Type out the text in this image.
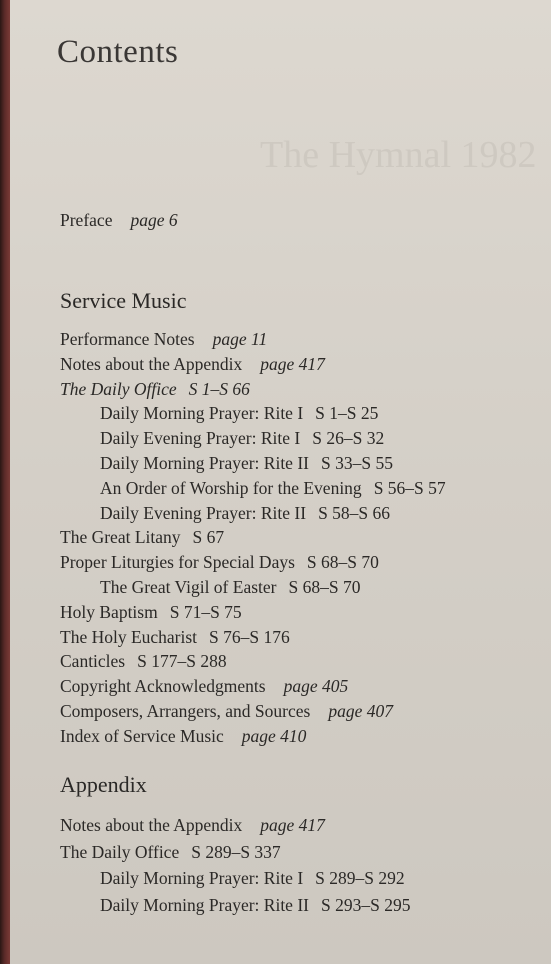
The Hymnal 1982
Contents
Preface page 6
Service Music
Performance Notes page 11
Notes about the Appendix page 417
The Daily Office S 1–S 66
Daily Morning Prayer: Rite I S 1–S 25
Daily Evening Prayer: Rite I S 26–S 32
Daily Morning Prayer: Rite II S 33–S 55
An Order of Worship for the Evening S 56–S 57
Daily Evening Prayer: Rite II S 58–S 66
The Great Litany S 67
Proper Liturgies for Special Days S 68–S 70
The Great Vigil of Easter S 68–S 70
Holy Baptism S 71–S 75
The Holy Eucharist S 76–S 176
Canticles S 177–S 288
Copyright Acknowledgments page 405
Composers, Arrangers, and Sources page 407
Index of Service Music page 410
Appendix
Notes about the Appendix page 417
The Daily Office S 289–S 337
Daily Morning Prayer: Rite I S 289–S 292
Daily Morning Prayer: Rite II S 293–S 295
